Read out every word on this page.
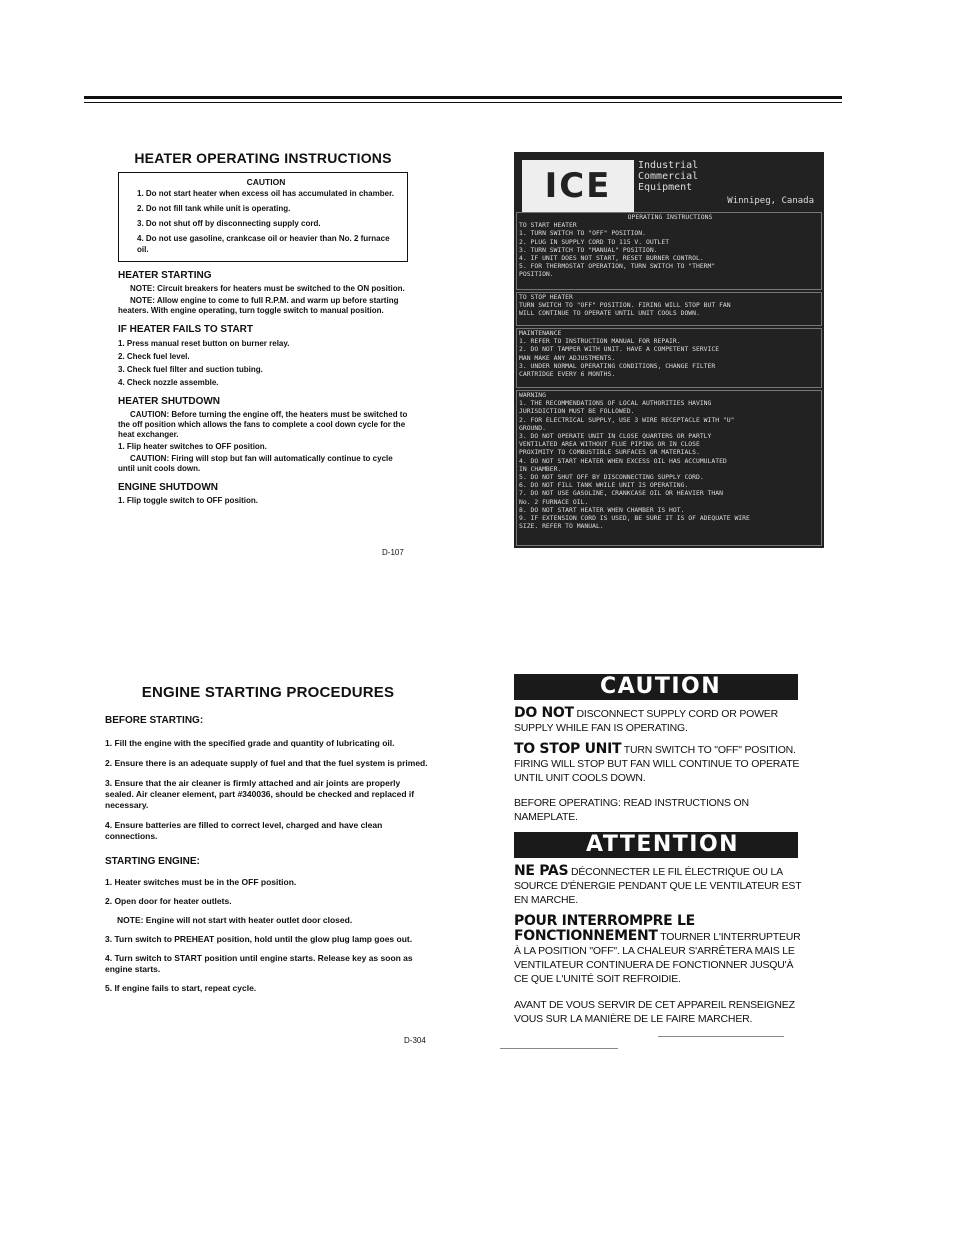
HEATER OPERATING INSTRUCTIONS
CAUTION
1. Do not start heater when excess oil has accumulated in chamber.
2. Do not fill tank while unit is operating.
3. Do not shut off by disconnecting supply cord.
4. Do not use gasoline, crankcase oil or heavier than No. 2 furnace oil.
HEATER STARTING
NOTE: Circuit breakers for heaters must be switched to the ON position.
NOTE: Allow engine to come to full R.P.M. and warm up before starting heaters. With engine operating, turn toggle switch to manual position.
IF HEATER FAILS TO START
1. Press manual reset button on burner relay.
2. Check fuel level.
3. Check fuel filter and suction tubing.
4. Check nozzle assemble.
HEATER SHUTDOWN
CAUTION: Before turning the engine off, the heaters must be switched to the off position which allows the fans to complete a cool down cycle for the heat exchanger.
1. Flip heater switches to OFF position.
CAUTION: Firing will stop but fan will automatically continue to cycle until unit cools down.
ENGINE SHUTDOWN
1. Flip toggle switch to OFF position.
D-107
ICE
Industrial
Commercial
Equipment
Winnipeg, Canada
OPERATING INSTRUCTIONS
TO START HEATER
1. TURN SWITCH TO "OFF" POSITION.
2. PLUG IN SUPPLY CORD TO 115 V. OUTLET
3. TURN SWITCH TO "MANUAL" POSITION.
4. IF UNIT DOES NOT START, RESET BURNER CONTROL.
5. FOR THERMOSTAT OPERATION, TURN SWITCH TO "THERM"
POSITION.
TO STOP HEATER
TURN SWITCH TO "OFF" POSITION. FIRING WILL STOP BUT FAN
WILL CONTINUE TO OPERATE UNTIL UNIT COOLS DOWN.
MAINTENANCE
1. REFER TO INSTRUCTION MANUAL FOR REPAIR.
2. DO NOT TAMPER WITH UNIT. HAVE A COMPETENT SERVICE
MAN MAKE ANY ADJUSTMENTS.
3. UNDER NORMAL OPERATING CONDITIONS, CHANGE FILTER
CARTRIDGE EVERY 6 MONTHS.
WARNING
1. THE RECOMMENDATIONS OF LOCAL AUTHORITIES HAVING
JURISDICTION MUST BE FOLLOWED.
2. FOR ELECTRICAL SUPPLY, USE 3 WIRE RECEPTACLE WITH "U"
GROUND.
3. DO NOT OPERATE UNIT IN CLOSE QUARTERS OR PARTLY
VENTILATED AREA WITHOUT FLUE PIPING OR IN CLOSE
PROXIMITY TO COMBUSTIBLE SURFACES OR MATERIALS.
4. DO NOT START HEATER WHEN EXCESS OIL HAS ACCUMULATED
IN CHAMBER.
5. DO NOT SHUT OFF BY DISCONNECTING SUPPLY CORD.
6. DO NOT FILL TANK WHILE UNIT IS OPERATING.
7. DO NOT USE GASOLINE, CRANKCASE OIL OR HEAVIER THAN
No. 2 FURNACE OIL.
8. DO NOT START HEATER WHEN CHAMBER IS HOT.
9. IF EXTENSION CORD IS USED, BE SURE IT IS OF ADEQUATE WIRE
SIZE. REFER TO MANUAL.
ENGINE STARTING PROCEDURES
BEFORE STARTING:
1. Fill the engine with the specified grade and quantity of lubricating oil.
2. Ensure there is an adequate supply of fuel and that the fuel system is primed.
3. Ensure that the air cleaner is firmly attached and air joints are properly sealed. Air cleaner element, part #340036, should be checked and replaced if necessary.
4. Ensure batteries are filled to correct level, charged and have clean connections.
STARTING ENGINE:
1. Heater switches must be in the OFF position.
2. Open door for heater outlets.
NOTE: Engine will not start with heater outlet door closed.
3. Turn switch to PREHEAT position, hold until the glow plug lamp goes out.
4. Turn switch to START position until engine starts. Release key as soon as engine starts.
5. If engine fails to start, repeat cycle.
D-304
CAUTION
DO NOT DISCONNECT SUPPLY CORD OR POWER SUPPLY WHILE FAN IS OPERATING.
TO STOP UNIT TURN SWITCH TO "OFF" POSITION. FIRING WILL STOP BUT FAN WILL CONTINUE TO OPERATE UNTIL UNIT COOLS DOWN.
BEFORE OPERATING: READ INSTRUCTIONS ON NAMEPLATE.
ATTENTION
NE PAS DÉCONNECTER LE FIL ÉLECTRIQUE OU LA SOURCE D'ÉNERGIE PENDANT QUE LE VENTILATEUR EST EN MARCHE.
POUR INTERROMPRE LE FONCTIONNEMENT TOURNER L'INTERRUPTEUR À LA POSITION "OFF". LA CHALEUR S'ARRÊTERA MAIS LE VENTILATEUR CONTINUERA DE FONCTIONNER JUSQU'À CE QUE L'UNITÉ SOIT REFROIDIE.
AVANT DE VOUS SERVIR DE CET APPAREIL RENSEIGNEZ VOUS SUR LA MANIÈRE DE LE FAIRE MARCHER.
